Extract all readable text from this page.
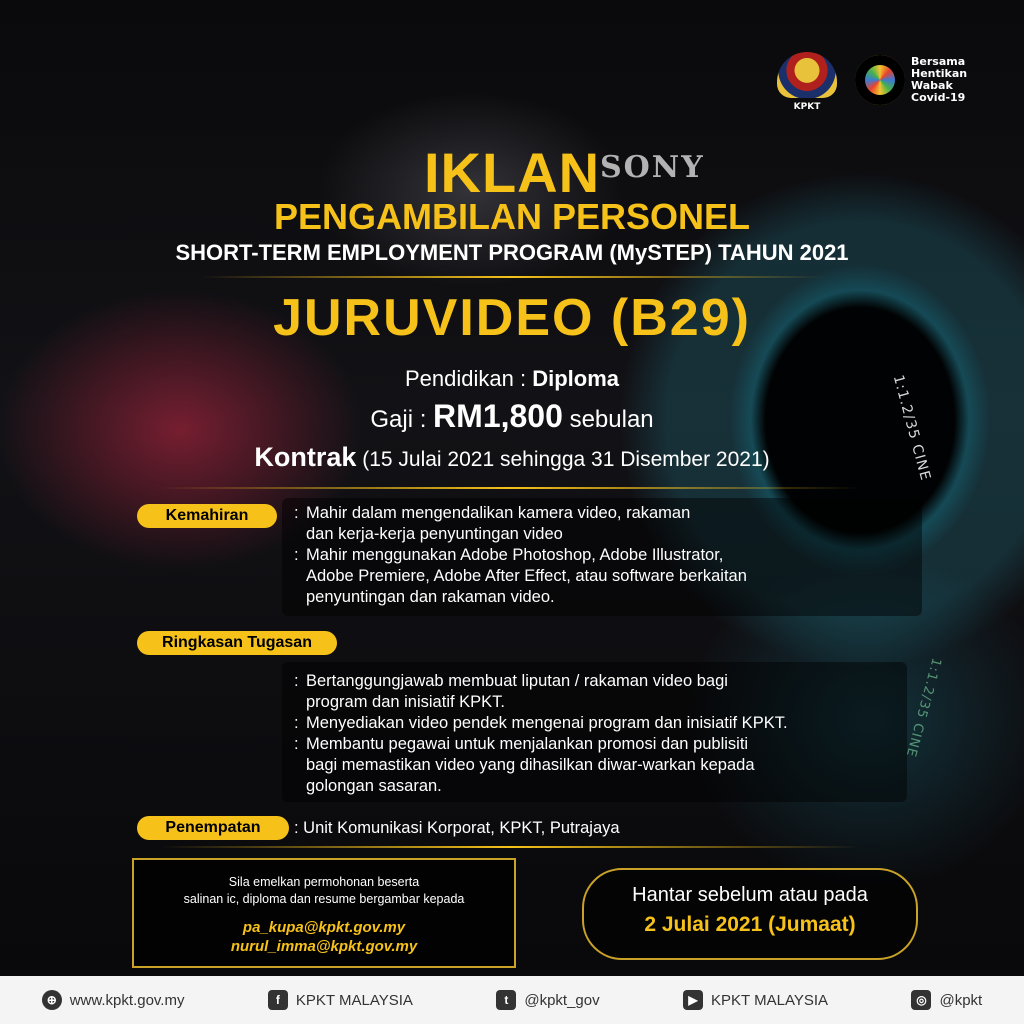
SONY
1:1.2/35 CINE
1:1.2/35 CINE
KPKT
Bersama
Hentikan
Wabak
Covid-19
IKLAN
PENGAMBILAN PERSONEL
SHORT-TERM EMPLOYMENT PROGRAM (MySTEP) TAHUN 2021
JURUVIDEO (B29)
Pendidikan : Diploma
Gaji : RM1,800 sebulan
Kontrak (15 Julai 2021 sehingga 31 Disember 2021)
Kemahiran
:	Mahir dalam mengendalikan kamera video, rakaman
dan kerja-kerja penyuntingan video
: Mahir menggunakan Adobe Photoshop, Adobe Illustrator,
Adobe Premiere, Adobe After Effect, atau software berkaitan
penyuntingan dan rakaman video.
Ringkasan Tugasan
: Bertanggungjawab membuat liputan / rakaman video bagi
program dan inisiatif KPKT.
: Menyediakan video pendek mengenai program dan inisiatif KPKT.
: Membantu pegawai untuk menjalankan promosi dan publisiti
bagi memastikan video yang dihasilkan diwar-warkan kepada
golongan sasaran.
Penempatan	: Unit Komunikasi Korporat, KPKT, Putrajaya
Sila emelkan permohonan beserta
salinan ic, diploma dan resume bergambar kepada
pa_kupa@kpkt.gov.my
nurul_imma@kpkt.gov.my
Hantar sebelum atau pada
2 Julai 2021 (Jumaat)
⊕ www.kpkt.gov.my	f	KPKT MALAYSIA	t	@kpkt_gov	▶ KPKT MALAYSIA	◎ @kpkt
